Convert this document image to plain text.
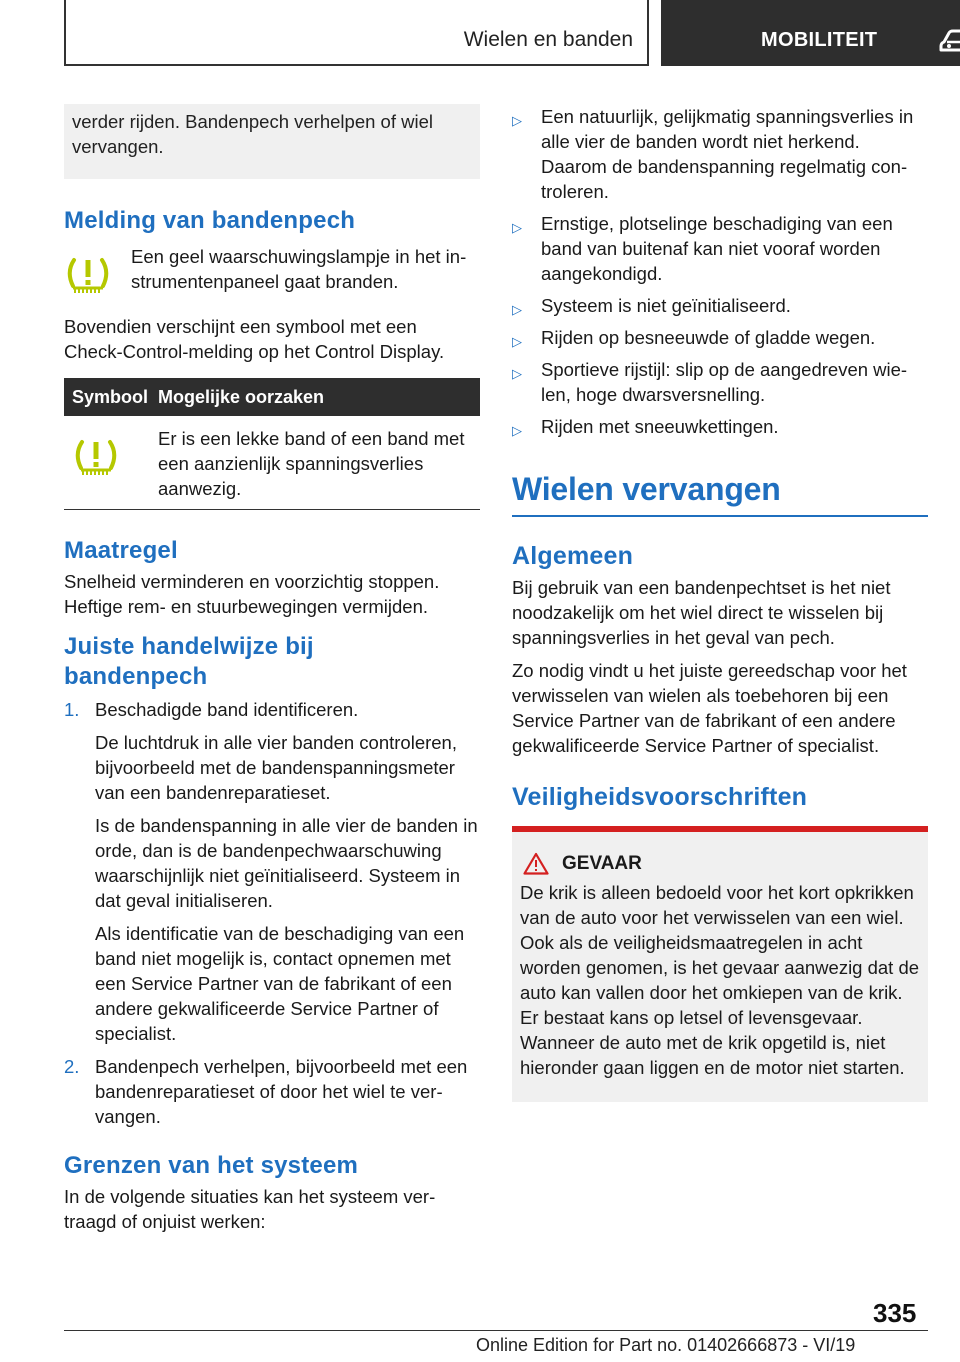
Wielen en banden	MOBILITEIT
verder rijden. Bandenpech verhelpen of wiel vervangen.
Melding van bandenpech
Een geel waarschuwingslampje in het instrumentenpaneel gaat branden.

Bovendien verschijnt een symbool met een Check-Control-melding op het Control Display.

Symbool	Mogelijke oorzaken
	Er is een lekke band of een band met een aanzienlijk spanningsverlies aanwezig.
Maatregel

Snelheid verminderen en voorzichtig stoppen. Heftige rem- en stuurbewegingen vermijden.

Juiste handelwijze bij bandenpech
1. Beschadigde band identificeren.

De luchtdruk in alle vier banden controleren, bijvoorbeeld met de bandenspanningsmeter van een bandenreparatieset.

Is de bandenspanning in alle vier de banden in orde, dan is de bandenpechwaarschuwing waarschijnlijk niet geïnitialiseerd. Systeem in dat geval initialiseren.

Als identificatie van de beschadiging van een band niet mogelijk is, contact opnemen met een Service Partner van de fabrikant of een andere gekwalificeerde Service Partner of specialist.

2. Bandenpech verhelpen, bijvoorbeeld met een bandenreparatieset of door het wiel te vervangen.

Grenzen van het systeem

In de volgende situaties kan het systeem vertraagd of onjuist werken:

▷ Een natuurlijk, gelijkmatig spanningsverlies in alle vier de banden wordt niet herkend. Daarom de bandenspanning regelmatig controleren.
▷ Ernstige, plotselinge beschadiging van een band van buitenaf kan niet vooraf worden aangekondigd.
▷ Systeem is niet geïnitialiseerd.
▷ Rijden op besneeuwde of gladde wegen.
▷ Sportieve rijstijl: slip op de aangedreven wielen, hoge dwarsversnelling.
▷ Rijden met sneeuwkettingen.
Wielen vervangen
Algemeen

Bij gebruik van een bandenpechtset is het niet noodzakelijk om het wiel direct te wisselen bij spanningsverlies in het geval van pech.

Zo nodig vindt u het juiste gereedschap voor het verwisselen van wielen als toebehoren bij een Service Partner van de fabrikant of een andere gekwalificeerde Service Partner of specialist.

Veiligheidsvoorschriften
GEVAAR
De krik is alleen bedoeld voor het kort opkrikken van de auto voor het verwisselen van een wiel. Ook als de veiligheidsmaatregelen in acht worden genomen, is het gevaar aanwezig dat de auto kan vallen door het omkiepen van de krik. Er bestaat kans op letsel of levensgevaar. Wanneer de auto met de krik opgetild is, niet hieronder gaan liggen en de motor niet starten.
335
Online Edition for Part no. 01402666873 - VI/19
